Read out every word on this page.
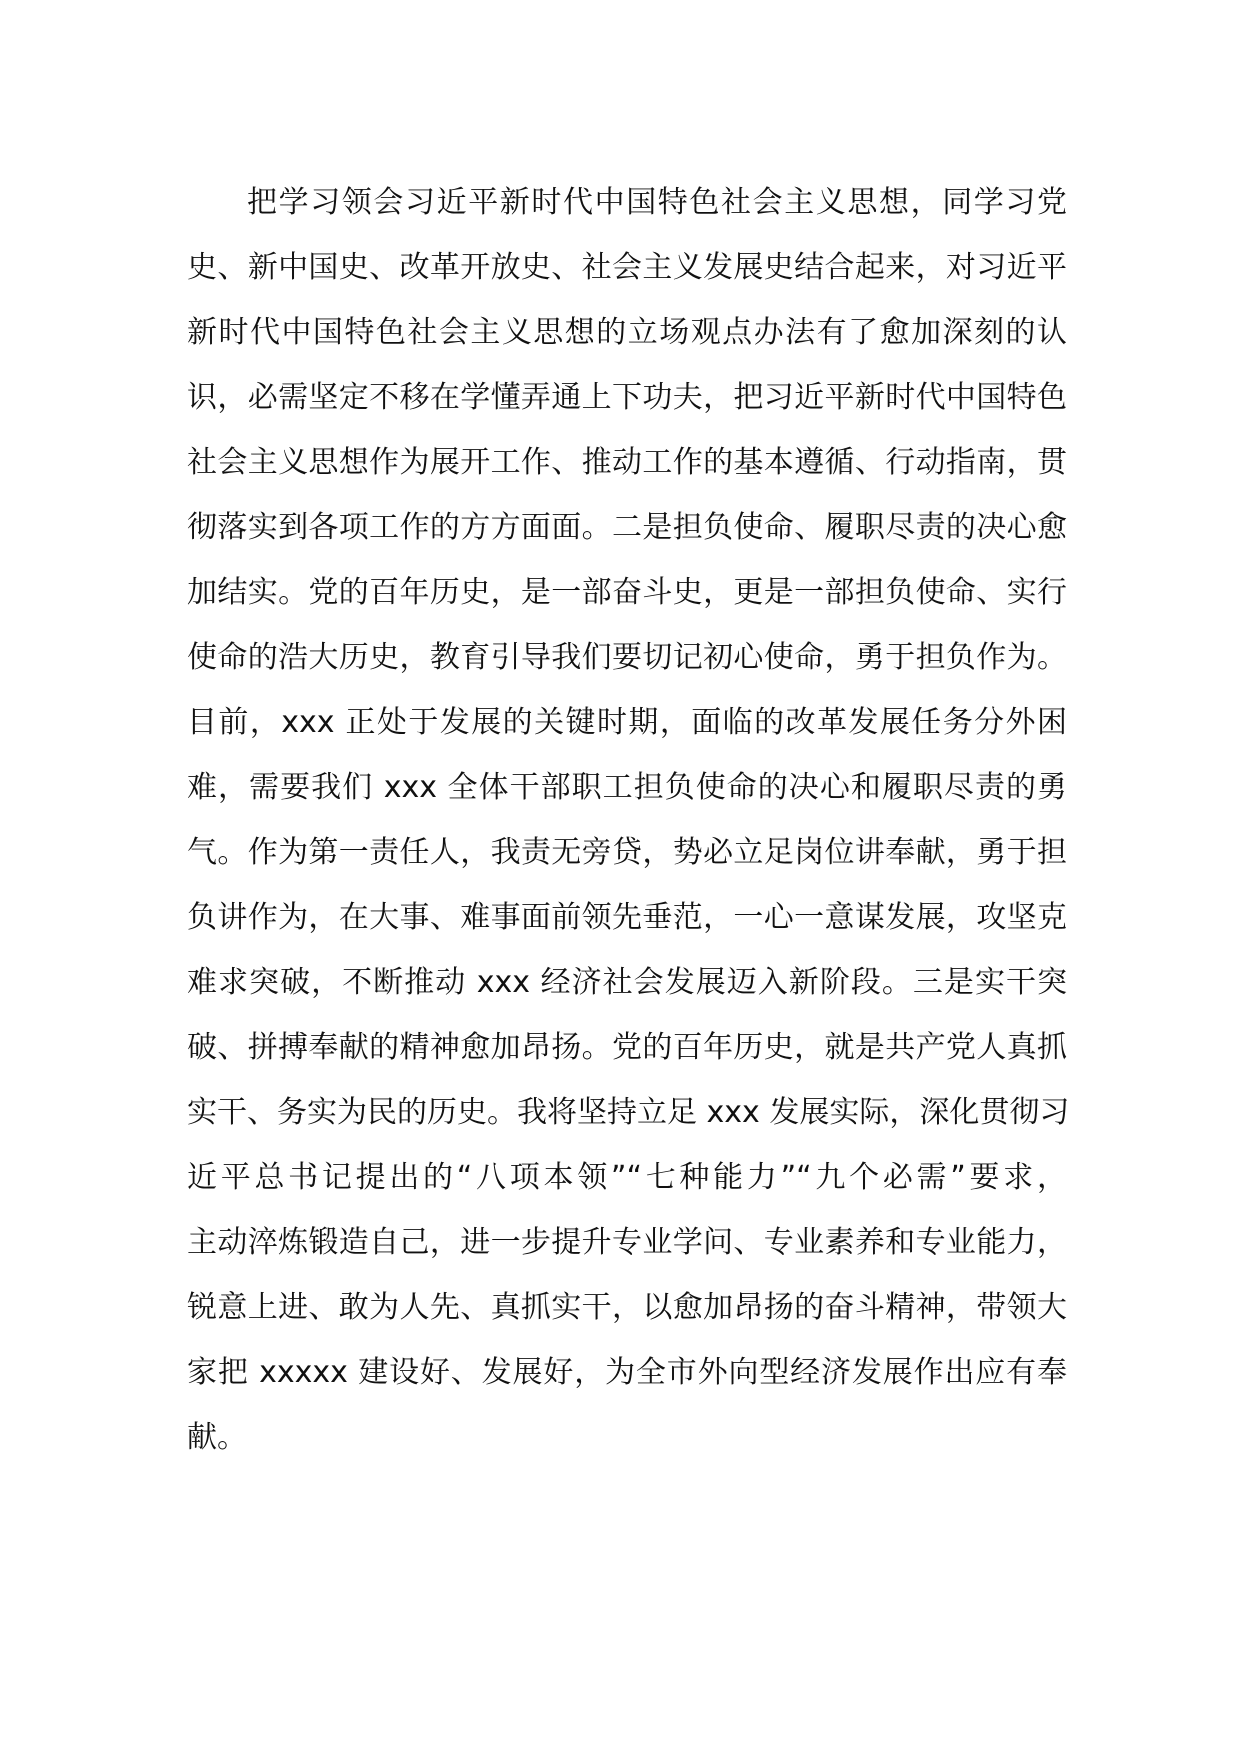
把学习领会习近平新时代中国特色社会主义思想，同学习党
史、新中国史、改革开放史、社会主义发展史结合起来，对习近平
新时代中国特色社会主义思想的立场观点办法有了愈加深刻的认
识，必需坚定不移在学懂弄通上下功夫，把习近平新时代中国特色
社会主义思想作为展开工作、推动工作的基本遵循、行动指南，贯
彻落实到各项工作的方方面面。二是担负使命、履职尽责的决心愈
加结实。党的百年历史，是一部奋斗史，更是一部担负使命、实行
使命的浩大历史，教育引导我们要切记初心使命，勇于担负作为。
目前，xxx 正处于发展的关键时期，面临的改革发展任务分外困
难，需要我们 xxx 全体干部职工担负使命的决心和履职尽责的勇
气。作为第一责任人，我责无旁贷，势必立足岗位讲奉献，勇于担
负讲作为，在大事、难事面前领先垂范，一心一意谋发展，攻坚克
难求突破，不断推动 xxx 经济社会发展迈入新阶段。三是实干突
破、拼搏奉献的精神愈加昂扬。党的百年历史，就是共产党人真抓
实干、务实为民的历史。我将坚持立足 xxx 发展实际，深化贯彻习
近平总书记提出的“八项本领”“七种能力”“九个必需”要求，
主动淬炼锻造自己，进一步提升专业学问、专业素养和专业能力，
锐意上进、敢为人先、真抓实干，以愈加昂扬的奋斗精神，带领大
家把 xxxxx 建设好、发展好，为全市外向型经济发展作出应有奉
献。
